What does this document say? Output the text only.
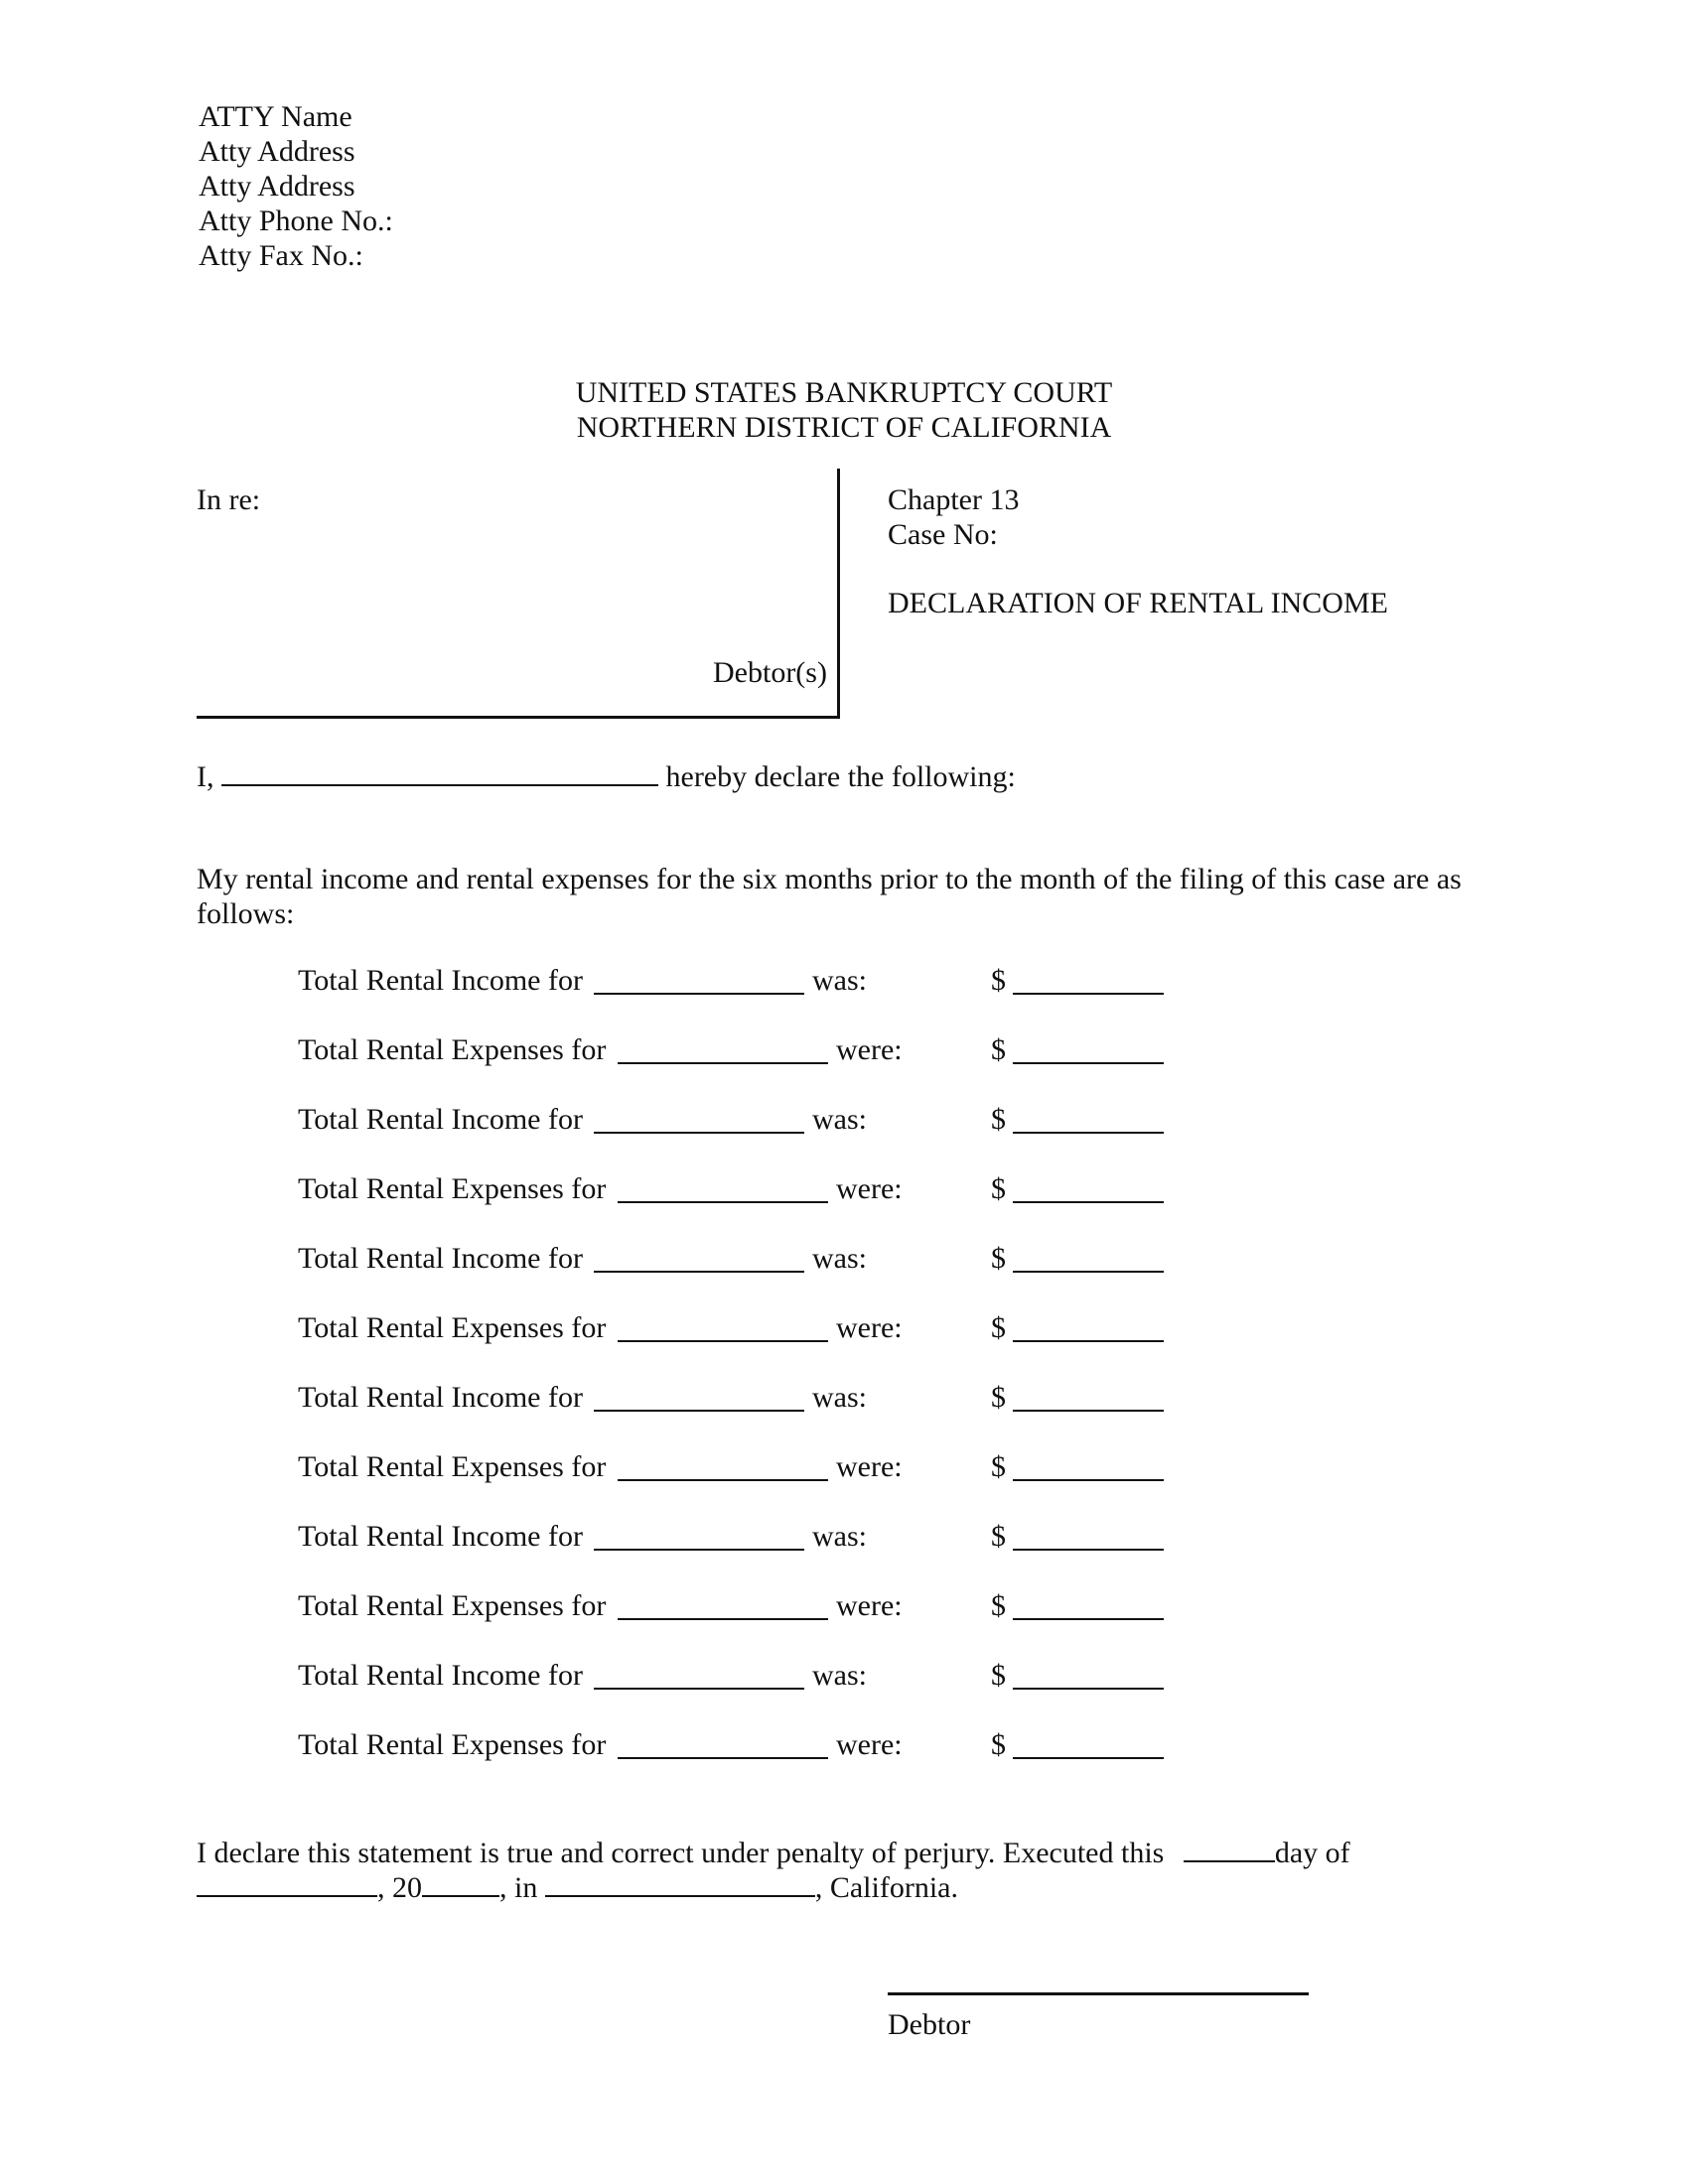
ATTY Name
Atty Address
Atty Address
Atty Phone No.:
Atty Fax No.:
UNITED STATES BANKRUPTCY COURT
NORTHERN DISTRICT OF CALIFORNIA
In re:
Debtor(s)
Chapter 13
Case No:
DECLARATION OF RENTAL INCOME
I,	hereby declare the following:
My rental income and rental expenses for the six months prior to the month of the filing of this case are as
follows:
Total Rental Income for	was:	$
Total Rental Expenses for	were:	$
Total Rental Income for	was:	$
Total Rental Expenses for	were:	$
Total Rental Income for	was:	$
Total Rental Expenses for	were:	$
Total Rental Income for	was:	$
Total Rental Expenses for	were:	$
Total Rental Income for	was:	$
Total Rental Expenses for	were:	$
Total Rental Income for	was:	$
Total Rental Expenses for	were:	$
I declare this statement is true and correct under penalty of perjury. Executed this	day of
, 20	, in	, California.
Debtor
